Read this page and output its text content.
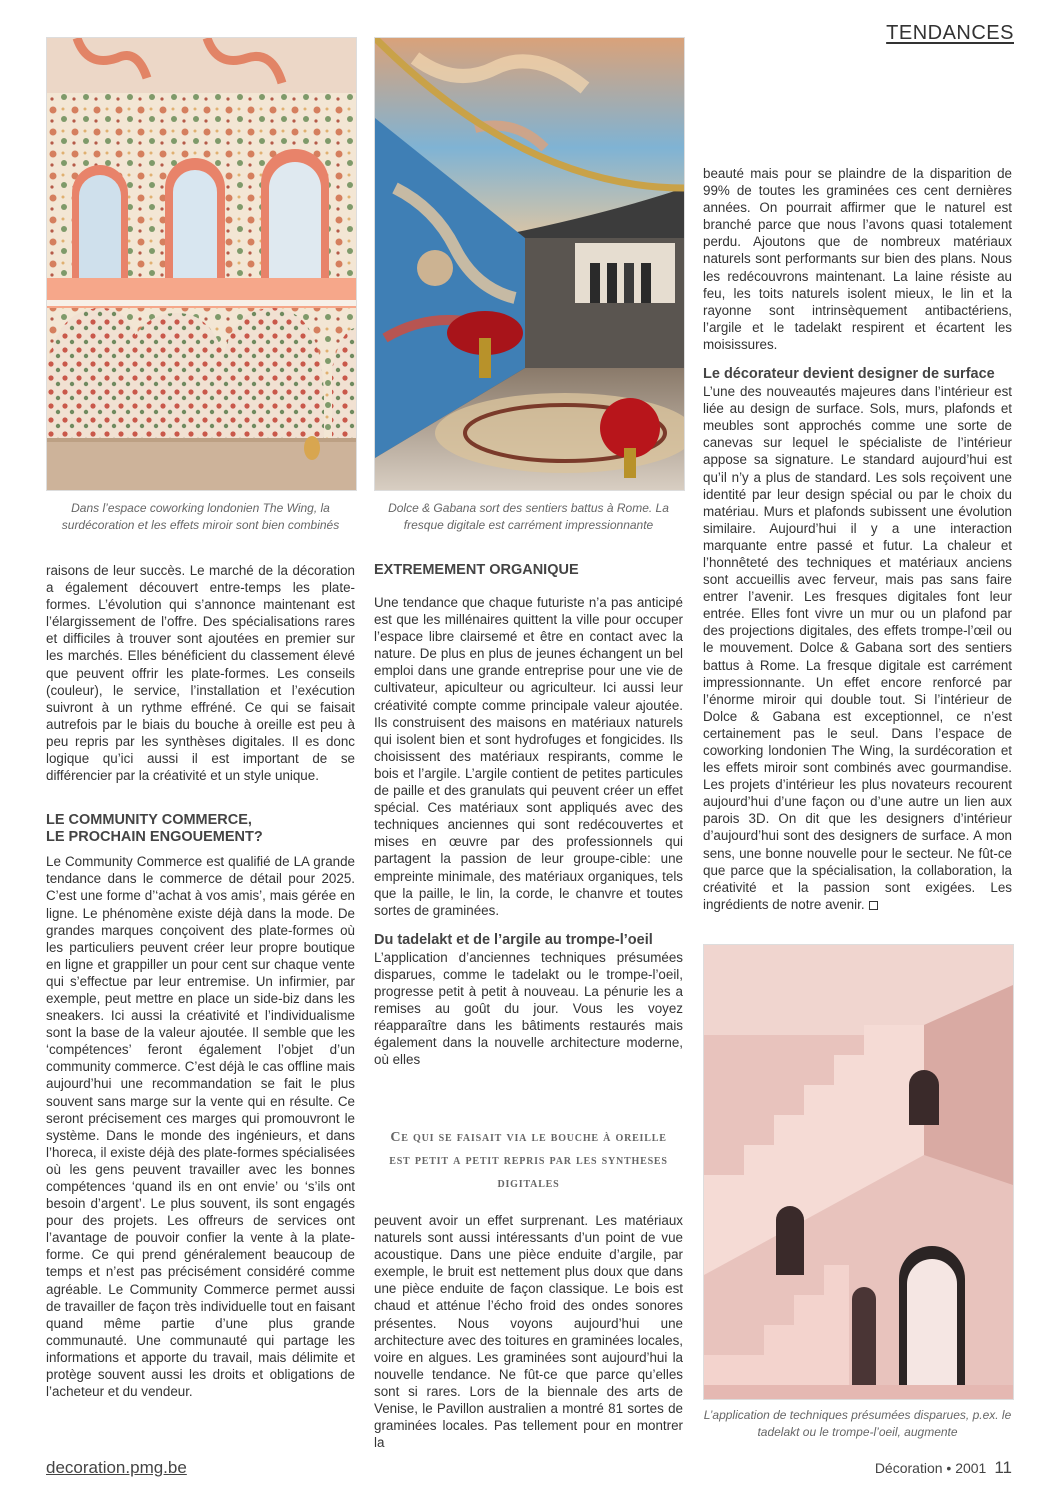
TENDANCES
Dans l’espace coworking londonien The Wing, la surdécoration et les effets miroir sont bien combinés
Dolce & Gabana sort des sentiers battus à Rome. La fresque digitale est carrément impressionnante
L’application de techniques présumées disparues, p.ex. le tadelakt ou le trompe-l’oeil, augmente

raisons de leur succès. Le marché de la décoration a également découvert entre-temps les plate-formes. L’évolution qui s’annonce maintenant est l’élargissement de l’offre. Des spécialisations rares et difficiles à trouver sont ajoutées en premier sur les marchés. Elles bénéficient du classement élevé que peuvent offrir les plate-formes. Les conseils (couleur), le service, l’installation et l’exécution suivront à un rythme effréné. Ce qui se faisait autrefois par le biais du bouche à oreille est peu à peu repris par les synthèses digitales. Il es donc logique qu’ici aussi il est important de se différencier par la créativité et un style unique.

LE COMMUNITY COMMERCE,
LE PROCHAIN ENGOUEMENT?

Le Community Commerce est qualifié de LA grande tendance dans le commerce de détail pour 2025. C’est une forme d’‘achat à vos amis’, mais gérée en ligne. Le phénomène existe déjà dans la mode. De grandes marques conçoivent des plate-formes où les particuliers peuvent créer leur propre boutique en ligne et grappiller un pour cent sur chaque vente qui s’effectue par leur entremise. Un infirmier, par exemple, peut mettre en place un side-biz dans les sneakers. Ici aussi la créativité et l’individualisme sont la base de la valeur ajoutée. Il semble que les ‘compétences’ feront également l’objet d’un community commerce. C’est déjà le cas offline mais aujourd’hui une recommandation se fait le plus souvent sans marge sur la vente qui en résulte. Ce seront précisement ces marges qui promouvront le système. Dans le monde des ingénieurs, et dans l’horeca, il existe déjà des plate-formes spécialisées où les gens peuvent travailler avec les bonnes compétences ‘quand ils en ont envie’ ou ‘s’ils ont besoin d’argent’. Le plus souvent, ils sont engagés pour des projets. Les offreurs de services ont l’avantage de pouvoir confier la vente à la plate-forme. Ce qui prend généralement beaucoup de temps et n’est pas précisément considéré comme agréable. Le Community Commerce permet aussi de travailler de façon très individuelle tout en faisant quand même partie d’une plus grande communauté. Une communauté qui partage les informations et apporte du travail, mais délimite et protège souvent aussi les droits et obligations de l’acheteur et du vendeur.

EXTREMEMENT ORGANIQUE

Une tendance que chaque futuriste n’a pas anticipé est que les millénaires quittent la ville pour occuper l’espace libre clairsemé et être en contact avec la nature. De plus en plus de jeunes échangent un bel emploi dans une grande entreprise pour une vie de cultivateur, apiculteur ou agriculteur. Ici aussi leur créativité compte comme principale valeur ajoutée. Ils construisent des maisons en matériaux naturels qui isolent bien et sont hydrofuges et fongicides. Ils choisissent des matériaux respirants, comme le bois et l’argile. L’argile contient de petites particules de paille et des granulats qui peuvent créer un effet spécial. Ces matériaux sont appliqués avec des techniques anciennes qui sont redécouvertes et mises en œuvre par des professionnels qui partagent la passion de leur groupe-cible: une empreinte minimale, des matériaux organiques, tels que la paille, le lin, la corde, le chanvre et toutes sortes de graminées.

Du tadelakt et de l’argile au trompe-l’oeil

L’application d’anciennes techniques présumées disparues, comme le tadelakt ou le trompe-l’oeil, progresse petit à petit à nouveau. La pénurie les a remises au goût du jour. Vous les voyez réapparaître dans les bâtiments restaurés mais également dans la nouvelle architecture moderne, où elles

Ce qui se faisait via le bouche à oreille est petit a petit repris par les syntheses digitales

peuvent avoir un effet surprenant. Les matériaux naturels sont aussi intéressants d’un point de vue acoustique. Dans une pièce enduite d’argile, par exemple, le bruit est nettement plus doux que dans une pièce enduite de façon classique. Le bois est chaud et atténue l’écho froid des ondes sonores présentes. Nous voyons aujourd’hui une architecture avec des toitures en graminées locales, voire en algues. Les graminées sont aujourd’hui la nouvelle tendance. Ne fût-ce que parce qu’elles sont si rares. Lors de la biennale des arts de Venise, le Pavillon australien a montré 81 sortes de graminées locales. Pas tellement pour en montrer la

beauté mais pour se plaindre de la disparition de 99% de toutes les graminées ces cent dernières années. On pourrait affirmer que le naturel est branché parce que nous l’avons quasi totalement perdu. Ajoutons que de nombreux matériaux naturels sont performants sur bien des plans. Nous les redécouvrons maintenant. La laine résiste au feu, les toits naturels isolent mieux, le lin et la rayonne sont intrinsèquement antibactériens, l’argile et le tadelakt respirent et écartent les moisissures.

Le décorateur devient designer de surface

L’une des nouveautés majeures dans l’intérieur est liée au design de surface. Sols, murs, plafonds et meubles sont approchés comme une sorte de canevas sur lequel le spécialiste de l’intérieur appose sa signature. Le standard aujourd’hui est qu’il n’y a plus de standard. Les sols reçoivent une identité par leur design spécial ou par le choix du matériau. Murs et plafonds subissent une évolution similaire. Aujourd’hui il y a une interaction marquante entre passé et futur. La chaleur et l’honnêteté des techniques et matériaux anciens sont accueillis avec ferveur, mais pas sans faire entrer l’avenir. Les fresques digitales font leur entrée. Elles font vivre un mur ou un plafond par des projections digitales, des effets trompe-l’œil ou le mouvement. Dolce & Gabana sort des sentiers battus à Rome. La fresque digitale est carrément impressionnante. Un effet encore renforcé par l’énorme miroir qui double tout. Si l’intérieur de Dolce & Gabana est exceptionnel, ce n’est certainement pas le seul. Dans l’espace de coworking londonien The Wing, la surdécoration et les effets miroir sont combinés avec gourmandise. Les projets d’intérieur les plus novateurs recourent aujourd’hui d’une façon ou d’une autre un lien aux parois 3D. On dit que les designers d’intérieur d’aujourd’hui sont des designers de surface. A mon sens, une bonne nouvelle pour le secteur. Ne fût-ce que parce que la spécialisation, la collaboration, la créativité et la passion sont exigées. Les ingrédients de notre avenir.

decoration.pmg.be	Décoration • 2001 11
